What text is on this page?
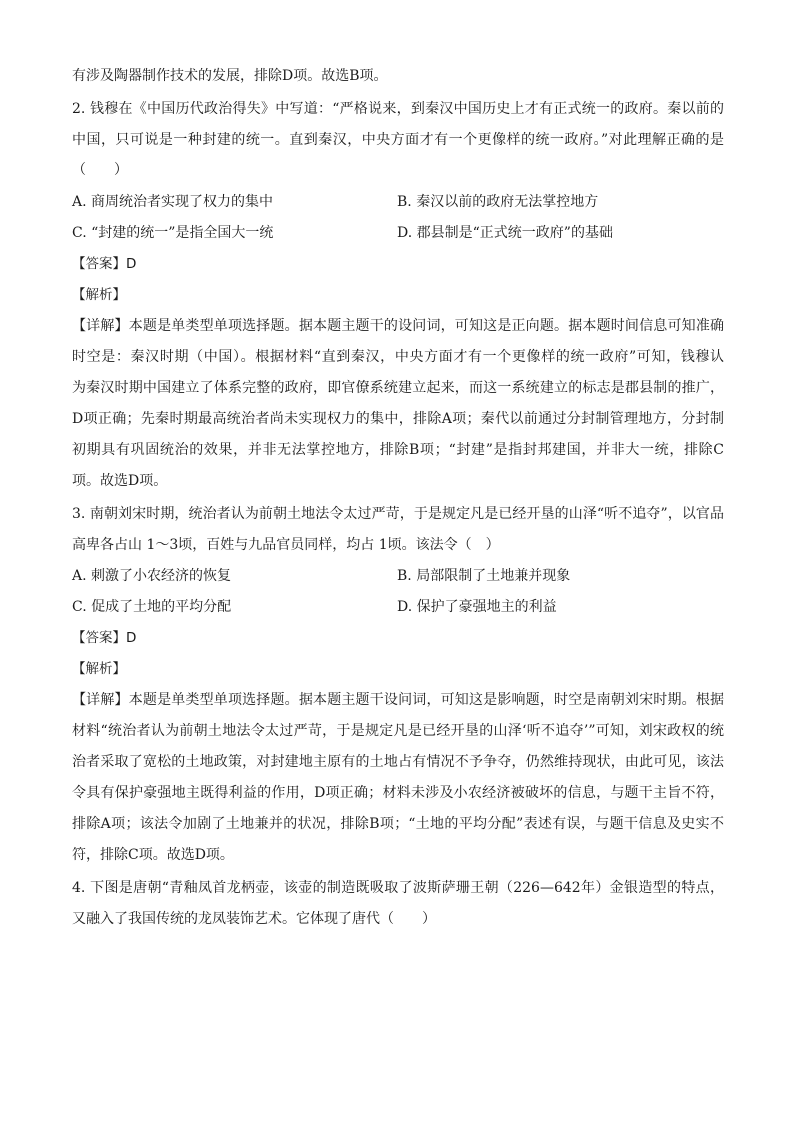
有涉及陶器制作技术的发展，排除D项。故选B项。
2. 钱穆在《中国历代政治得失》中写道：“严格说来，到秦汉中国历史上才有正式统一的政府。秦以前的
中国，只可说是一种封建的统一。直到秦汉，中央方面才有一个更像样的统一政府。”对此理解正确的是
（　　）
A. 商周统治者实现了权力的集中	B. 秦汉以前的政府无法掌控地方
C. “封建的统一”是指全国大一统	D. 郡县制是“正式统一政府”的基础
【答案】D
【解析】
【详解】本题是单类型单项选择题。据本题主题干的设问词，可知这是正向题。据本题时间信息可知准确
时空是：秦汉时期（中国）。根据材料“直到秦汉，中央方面才有一个更像样的统一政府”可知，钱穆认
为秦汉时期中国建立了体系完整的政府，即官僚系统建立起来，而这一系统建立的标志是郡县制的推广，
D项正确；先秦时期最高统治者尚未实现权力的集中，排除A项；秦代以前通过分封制管理地方，分封制
初期具有巩固统治的效果，并非无法掌控地方，排除B项；“封建”是指封邦建国，并非大一统，排除C
项。故选D项。
3. 南朝刘宋时期，统治者认为前朝土地法令太过严苛，于是规定凡是已经开垦的山泽“听不追夺”，以官品
高卑各占山 1～3顷，百姓与九品官员同样，均占 1顷。该法令（　）
A. 刺激了小农经济的恢复	B. 局部限制了土地兼并现象
C. 促成了土地的平均分配	D. 保护了豪强地主的利益
【答案】D
【解析】
【详解】本题是单类型单项选择题。据本题主题干设问词，可知这是影响题，时空是南朝刘宋时期。根据
材料“统治者认为前朝土地法令太过严苛，于是规定凡是已经开垦的山泽‘听不追夺’”可知，刘宋政权的统
治者采取了宽松的土地政策，对封建地主原有的土地占有情况不予争夺，仍然维持现状，由此可见，该法
令具有保护豪强地主既得利益的作用，D项正确；材料未涉及小农经济被破坏的信息，与题干主旨不符，
排除A项；该法令加剧了土地兼并的状况，排除B项；“土地的平均分配”表述有误，与题干信息及史实不
符，排除C项。故选D项。
4. 下图是唐朝“青釉凤首龙柄壶，该壶的制造既吸取了波斯萨珊王朝（226—642年）金银造型的特点，
又融入了我国传统的龙凤装饰艺术。它体现了唐代（　　）
